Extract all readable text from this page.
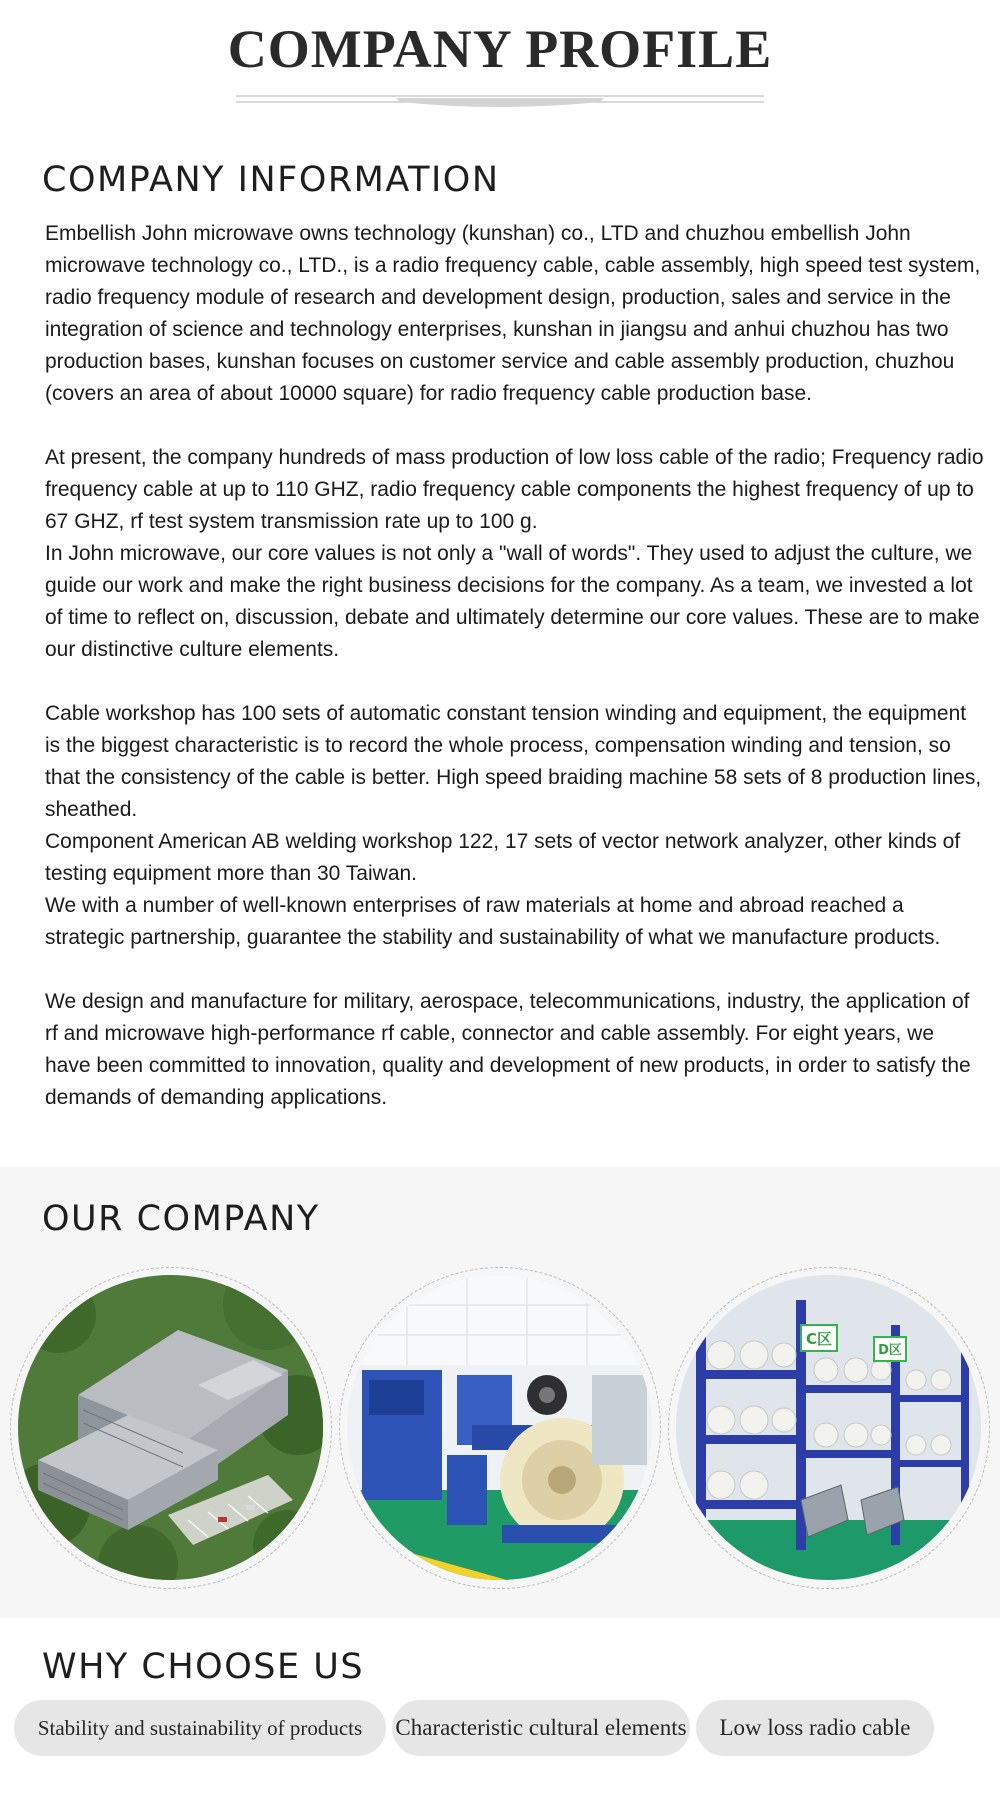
COMPANY PROFILE
COMPANY INFORMATION

Embellish John microwave owns technology (kunshan) co., LTD and chuzhou embellish John microwave technology co., LTD., is a radio frequency cable, cable assembly, high speed test system, radio frequency module of research and development design, production, sales and service in the integration of science and technology enterprises, kunshan in jiangsu and anhui chuzhou has two production bases, kunshan focuses on customer service and cable assembly production, chuzhou (covers an area of about 10000 square) for radio frequency cable production base.

At present, the company hundreds of mass production of low loss cable of the radio; Frequency radio frequency cable at up to 110 GHZ, radio frequency cable components the highest frequency of up to 67 GHZ, rf test system transmission rate up to 100 g.

In John microwave, our core values is not only a "wall of words". They used to adjust the culture, we guide our work and make the right business decisions for the company. As a team, we invested a lot of time to reflect on, discussion, debate and ultimately determine our core values. These are to make our distinctive culture elements.

Cable workshop has 100 sets of automatic constant tension winding and equipment, the equipment is the biggest characteristic is to record the whole process, compensation winding and tension, so that the consistency of the cable is better. High speed braiding machine 58 sets of 8 production lines, sheathed.

Component American AB welding workshop 122, 17 sets of vector network analyzer, other kinds of testing equipment more than 30 Taiwan.

We with a number of well-known enterprises of raw materials at home and abroad reached a strategic partnership, guarantee the stability and sustainability of what we manufacture products.

We design and manufacture for military, aerospace, telecommunications, industry, the application of rf and microwave high-performance rf cable, connector and cable assembly. For eight years, we have been committed to innovation, quality and development of new products, in order to satisfy the demands of demanding applications.

OUR COMPANY
C区
D区
WHY CHOOSE US
Stability and sustainability of products	Characteristic cultural elements	Low loss radio cable
